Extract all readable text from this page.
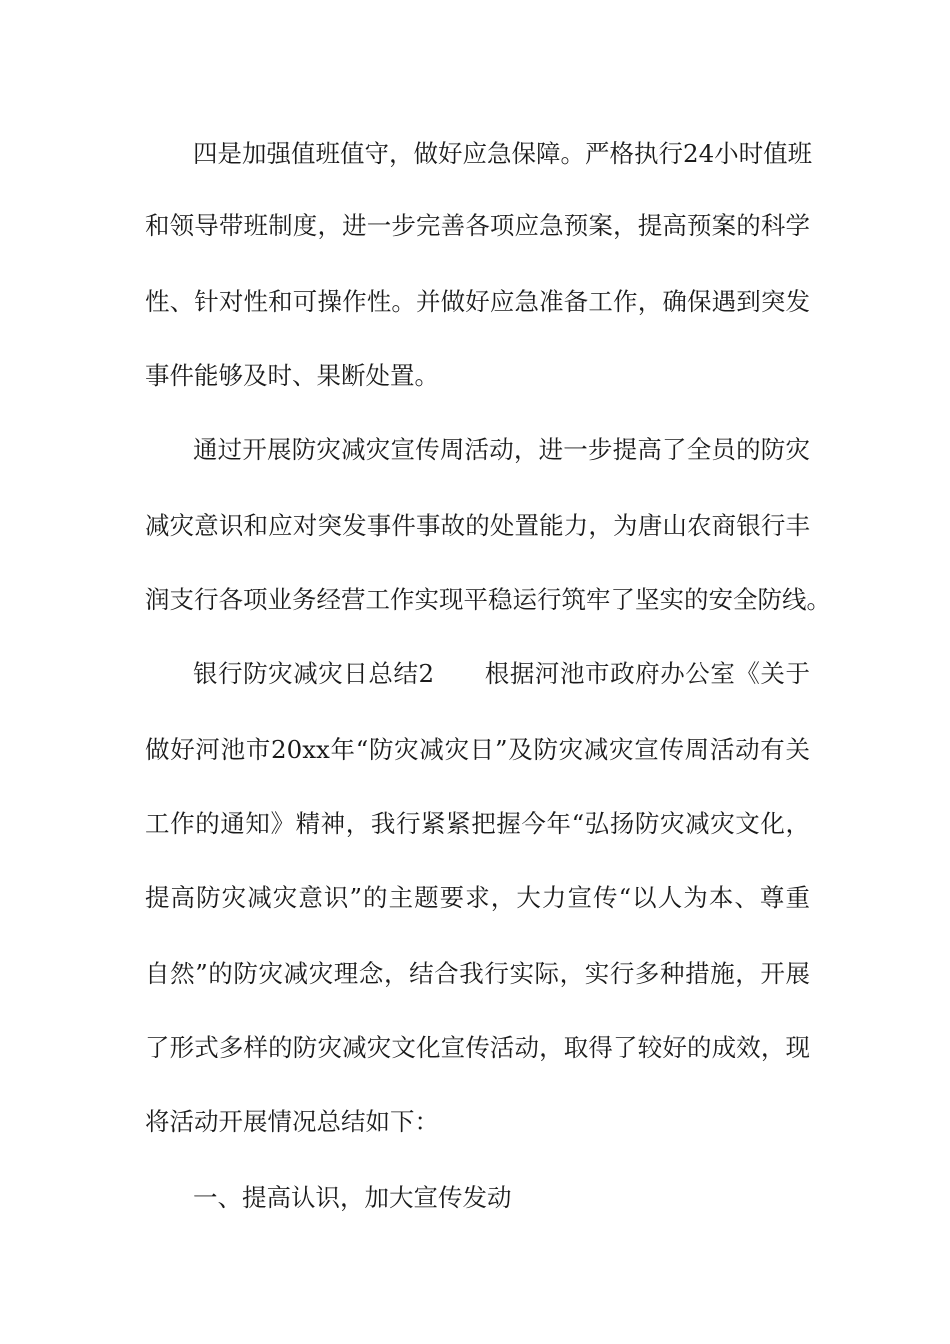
四是加强值班值守，做好应急保障。严格执行24小时值班
和领导带班制度，进一步完善各项应急预案，提高预案的科学
性、针对性和可操作性。并做好应急准备工作，确保遇到突发
事件能够及时、果断处置。
通过开展防灾减灾宣传周活动，进一步提高了全员的防灾
减灾意识和应对突发事件事故的处置能力，为唐山农商银行丰
润支行各项业务经营工作实现平稳运行筑牢了坚实的安全防线。
银行防灾减灾日总结2　　根据河池市政府办公室《关于
做好河池市20xx年“防灾减灾日”及防灾减灾宣传周活动有关
工作的通知》精神，我行紧紧把握今年“弘扬防灾减灾文化，
提高防灾减灾意识”的主题要求，大力宣传“以人为本、尊重
自然”的防灾减灾理念，结合我行实际，实行多种措施，开展
了形式多样的防灾减灾文化宣传活动，取得了较好的成效，现
将活动开展情况总结如下：
一、提高认识，加大宣传发动
